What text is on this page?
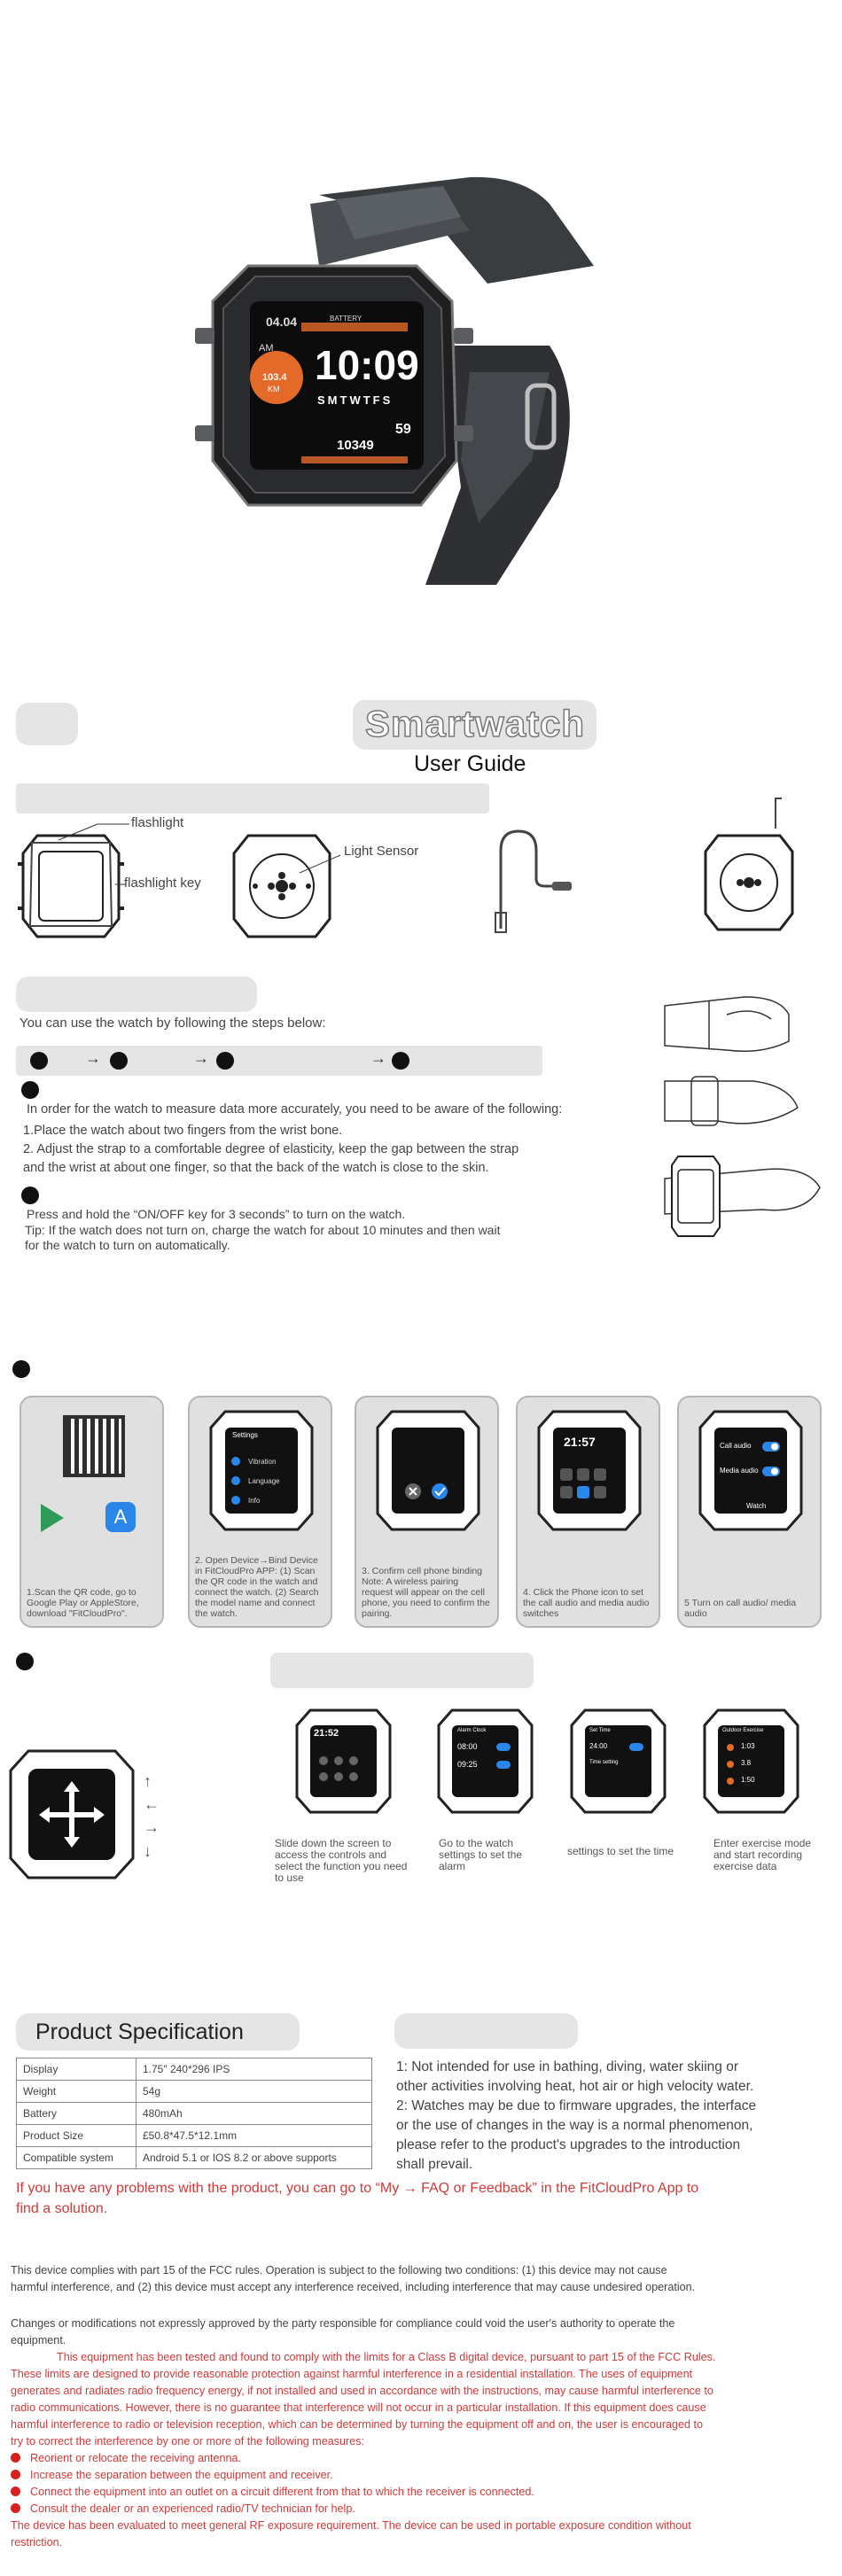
04.04
AM
BATTERY
10:09
103.4
KM
SMTWTFS
10349
59
Smartwatch
User Guide
flashlight
flashlight key
Light Sensor
You can use the watch by following the steps below:
→	→	→
In order for the watch to measure data more accurately, you need to be aware of the following:
1.Place the watch about two fingers from the wrist bone.
2. Adjust the strap to a comfortable degree of elasticity, keep the gap between the strap
and the wrist at about one finger, so that the back of the watch is close to the skin.
Press and hold the “ON/OFF key for 3 seconds” to turn on the watch.
Tip: If the watch does not turn on, charge the watch for about 10 minutes and then wait
for the watch to turn on automatically.
A
1.Scan the QR code, go to Google Play or AppleStore, download "FitCloudPro".
Settings
Vibration
Language
Info
2. Open Device→Bind Device in FitCloudPro APP: (1) Scan the QR code in the watch and connect the watch. (2) Search the model name and connect the watch.
3. Confirm cell phone binding Note: A wireless pairing request will appear on the cell phone, you need to confirm the pairing.
21:57
4. Click the Phone icon to set the call audio and media audio switches
Call audio
Media audio
Watch
5 Turn on call audio/ media audio
↑
←
→
↓
21:52	Alarm Clock
08:00
09:25
Set Time
24:00
Time setting
Outdoor Exercise
1:03
3.8
1:50
Slide down the screen to access the controls and select the function you need to use
Go to the watch settings to set the alarm
settings to set the time
Enter exercise mode and start recording exercise data
Product Specification
Display	1.75″ 240*296 IPS
Weight	54g
Battery	480mAh
Product Size	£50.8*47.5*12.1mm
Compatible system	Android 5.1 or IOS 8.2 or above supports
1: Not intended for use in bathing, diving, water skiing or
other activities involving heat, hot air or high velocity water.
2: Watches may be due to firmware upgrades, the interface
or the use of changes in the way is a normal phenomenon,
please refer to the product's upgrades to the introduction
shall prevail.
If you have any problems with the product, you can go to “My → FAQ or Feedback” in the FitCloudPro App to
find a solution.
This device complies with part 15 of the FCC rules. Operation is subject to the following two conditions: (1) this device may not cause
harmful interference, and (2) this device must accept any interference received, including interference that may cause undesired operation.
Changes or modifications not expressly approved by the party responsible for compliance could void the user's authority to operate the
equipment.
This equipment has been tested and found to comply with the limits for a Class B digital device, pursuant to part 15 of the FCC Rules.
These limits are designed to provide reasonable protection against harmful interference in a residential installation. The uses of equipment
generates and radiates radio frequency energy, if not installed and used in accordance with the instructions, may cause harmful interference to
radio communications. However, there is no guarantee that interference will not occur in a particular installation. If this equipment does cause
harmful interference to radio or television reception, which can be determined by turning the equipment off and on, the user is encouraged to
try to correct the interference by one or more of the following measures:
Reorient or relocate the receiving antenna.
Increase the separation between the equipment and receiver.
Connect the equipment into an outlet on a circuit different from that to which the receiver is connected.
Consult the dealer or an experienced radio/TV technician for help.
The device has been evaluated to meet general RF exposure requirement. The device can be used in portable exposure condition without
restriction.
